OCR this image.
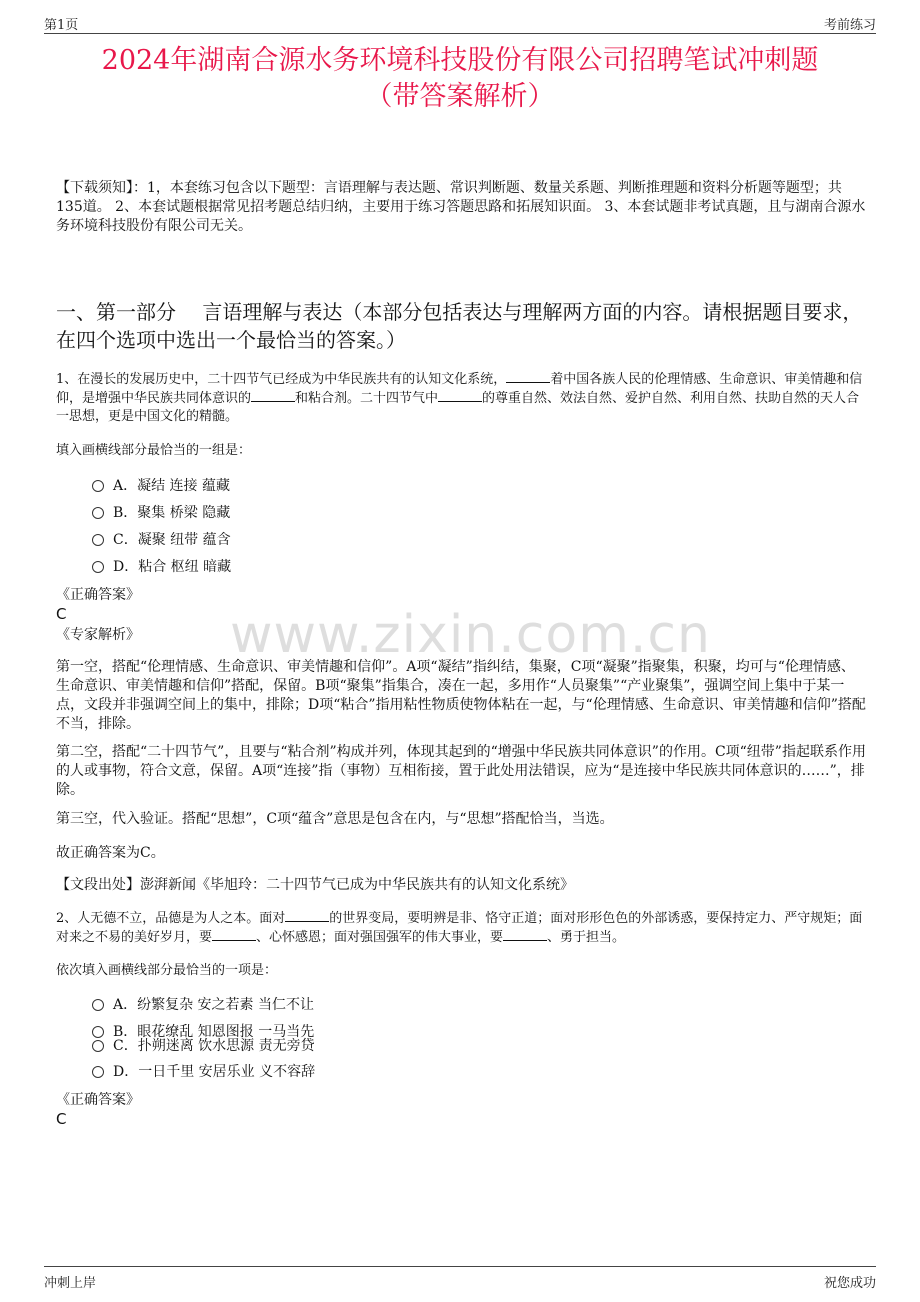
第1页	考前练习
2024年湖南合源水务环境科技股份有限公司招聘笔试冲刺题
（带答案解析）
【下载须知】：1，本套练习包含以下题型：言语理解与表达题、常识判断题、数量关系题、判断推理题和资料分析题等题型；共135道。 2、本套试题根据常见招考题总结归纳，主要用于练习答题思路和拓展知识面。 3、本套试题非考试真题，且与湖南合源水务环境科技股份有限公司无关。
一、第一部分　 言语理解与表达（本部分包括表达与理解两方面的内容。请根据题目要求，在四个选项中选出一个最恰当的答案。）
www.zixin.com.cn
1、在漫长的发展历史中，二十四节气已经成为中华民族共有的认知文化系统，	着中国各族人民的伦理情感、生命意识、审美情趣和信仰，是增强中华民族共同体意识的	和粘合剂。二十四节气中	的尊重自然、效法自然、爱护自然、利用自然、扶助自然的天人合一思想，更是中国文化的精髓。
填入画横线部分最恰当的一组是：
A．凝结 连接 蕴藏
B．聚集 桥梁 隐藏
C．凝聚 纽带 蕴含
D．粘合 枢纽 暗藏
《正确答案》
C
《专家解析》
第一空，搭配“伦理情感、生命意识、审美情趣和信仰”。A项“凝结”指纠结，集聚，C项“凝聚”指聚集，积聚，均可与“伦理情感、生命意识、审美情趣和信仰”搭配，保留。B项“聚集”指集合，凑在一起，多用作“人员聚集”“产业聚集”，强调空间上集中于某一点，文段并非强调空间上的集中，排除；D项“粘合”指用粘性物质使物体粘在一起，与“伦理情感、生命意识、审美情趣和信仰”搭配不当，排除。
第二空，搭配“二十四节气”，且要与“粘合剂”构成并列，体现其起到的“增强中华民族共同体意识”的作用。C项“纽带”指起联系作用的人或事物，符合文意，保留。A项“连接”指（事物）互相衔接，置于此处用法错误，应为“是连接中华民族共同体意识的……”，排除。
第三空，代入验证。搭配“思想”，C项“蕴含”意思是包含在内，与“思想”搭配恰当，当选。
故正确答案为C。
【文段出处】澎湃新闻《毕旭玲：二十四节气已成为中华民族共有的认知文化系统》
2、人无德不立，品德是为人之本。面对	的世界变局，要明辨是非、恪守正道；面对形形色色的外部诱惑，要保持定力、严守规矩；面对来之不易的美好岁月，要	、心怀感恩；面对强国强军的伟大事业，要	、勇于担当。
依次填入画横线部分最恰当的一项是：
A．纷繁复杂 安之若素 当仁不让
B．眼花缭乱 知恩图报 一马当先
C．扑朔迷离 饮水思源 责无旁贷
D．一日千里 安居乐业 义不容辞
《正确答案》
C
冲刺上岸	祝您成功
